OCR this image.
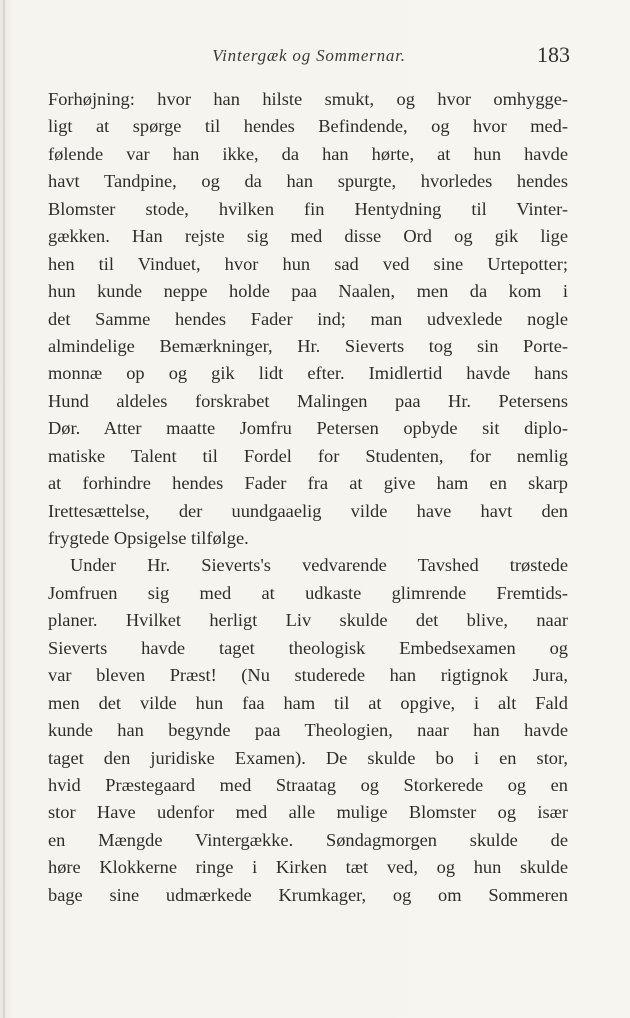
Vintergæk og Sommernar.	183
Forhøjning: hvor han hilste smukt, og hvor omhygge-
ligt at spørge til hendes Befindende, og hvor med-
følende var han ikke, da han hørte, at hun havde
havt Tandpine, og da han spurgte, hvorledes hendes
Blomster stode, hvilken fin Hentydning til Vinter-
gækken. Han rejste sig med disse Ord og gik lige
hen til Vinduet, hvor hun sad ved sine Urtepotter;
hun kunde neppe holde paa Naalen, men da kom i
det Samme hendes Fader ind; man udvexlede nogle
almindelige Bemærkninger, Hr. Sieverts tog sin Porte-
monnæ op og gik lidt efter. Imidlertid havde hans
Hund aldeles forskrabet Malingen paa Hr. Petersens
Dør. Atter maatte Jomfru Petersen opbyde sit diplo-
matiske Talent til Fordel for Studenten, for nemlig
at forhindre hendes Fader fra at give ham en skarp
Irettesættelse, der uundgaaelig vilde have havt den
frygtede Opsigelse tilfølge.
Under Hr. Sieverts's vedvarende Tavshed trøstede
Jomfruen sig med at udkaste glimrende Fremtids-
planer. Hvilket herligt Liv skulde det blive, naar
Sieverts havde taget theologisk Embedsexamen og
var bleven Præst! (Nu studerede han rigtignok Jura,
men det vilde hun faa ham til at opgive, i alt Fald
kunde han begynde paa Theologien, naar han havde
taget den juridiske Examen). De skulde bo i en stor,
hvid Præstegaard med Straatag og Storkerede og en
stor Have udenfor med alle mulige Blomster og især
en Mængde Vintergække. Søndagmorgen skulde de
høre Klokkerne ringe i Kirken tæt ved, og hun skulde
bage sine udmærkede Krumkager, og om Sommeren
